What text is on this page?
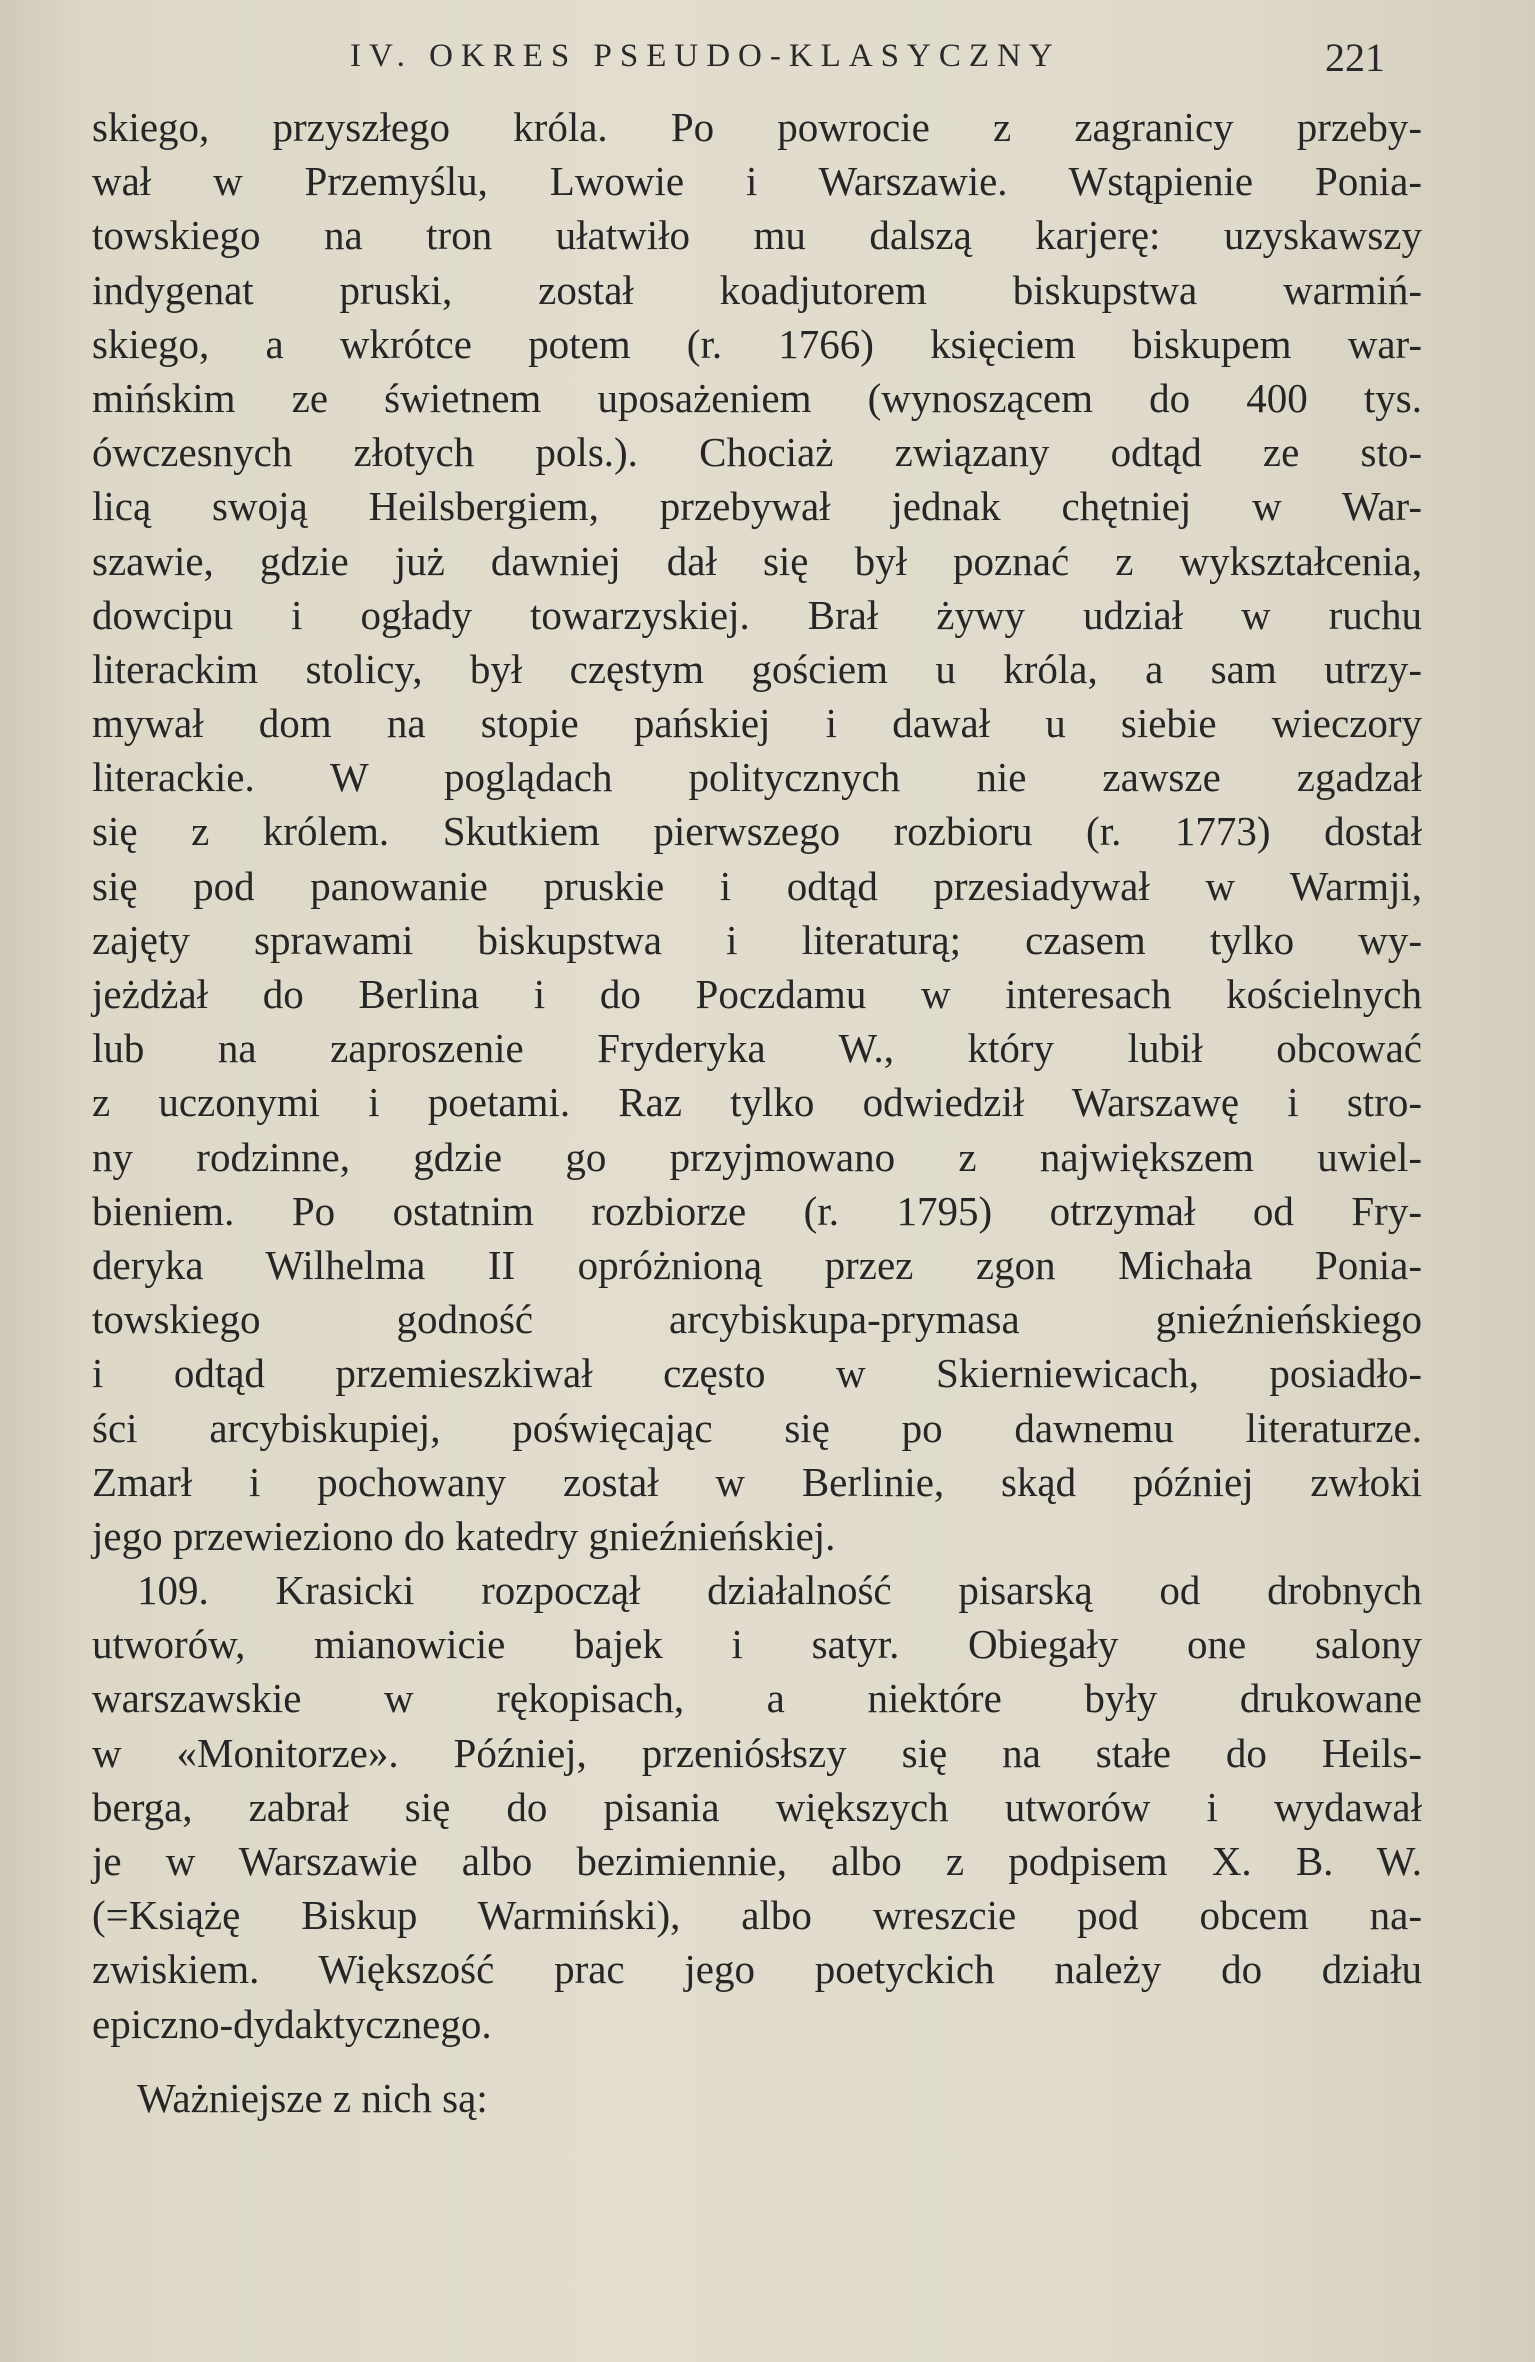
IV. OKRES PSEUDO-KLASYCZNY	221
skiego, przyszłego króla. Po powrocie z zagranicy przeby-
wał w Przemyślu, Lwowie i Warszawie. Wstąpienie Ponia-
towskiego na tron ułatwiło mu dalszą karjerę: uzyskawszy
indygenat pruski, został koadjutorem biskupstwa warmiń-
skiego, a wkrótce potem (r. 1766) księciem biskupem war-
mińskim ze świetnem uposażeniem (wynoszącem do 400 tys.
ówczesnych złotych pols.). Chociaż związany odtąd ze sto-
licą swoją Heilsbergiem, przebywał jednak chętniej w War-
szawie, gdzie już dawniej dał się był poznać z wykształcenia,
dowcipu i ogłady towarzyskiej. Brał żywy udział w ruchu
literackim stolicy, był częstym gościem u króla, a sam utrzy-
mywał dom na stopie pańskiej i dawał u siebie wieczory
literackie. W poglądach politycznych nie zawsze zgadzał
się z królem. Skutkiem pierwszego rozbioru (r. 1773) dostał
się pod panowanie pruskie i odtąd przesiadywał w Warmji,
zajęty sprawami biskupstwa i literaturą; czasem tylko wy-
jeżdżał do Berlina i do Poczdamu w interesach kościelnych
lub na zaproszenie Fryderyka W., który lubił obcować
z uczonymi i poetami. Raz tylko odwiedził Warszawę i stro-
ny rodzinne, gdzie go przyjmowano z największem uwiel-
bieniem. Po ostatnim rozbiorze (r. 1795) otrzymał od Fry-
deryka Wilhelma II opróżnioną przez zgon Michała Ponia-
towskiego godność arcybiskupa-prymasa gnieźnieńskiego
i odtąd przemieszkiwał często w Skierniewicach, posiadło-
ści arcybiskupiej, poświęcając się po dawnemu literaturze.
Zmarł i pochowany został w Berlinie, skąd później zwłoki
jego przewieziono do katedry gnieźnieńskiej.
109. Krasicki rozpoczął działalność pisarską od drobnych
utworów, mianowicie bajek i satyr. Obiegały one salony
warszawskie w rękopisach, a niektóre były drukowane
w «Monitorze». Później, przeniósłszy się na stałe do Heils-
berga, zabrał się do pisania większych utworów i wydawał
je w Warszawie albo bezimiennie, albo z podpisem X. B. W.
(=Książę Biskup Warmiński), albo wreszcie pod obcem na-
zwiskiem. Większość prac jego poetyckich należy do działu
epiczno-dydaktycznego.
Ważniejsze z nich są:
